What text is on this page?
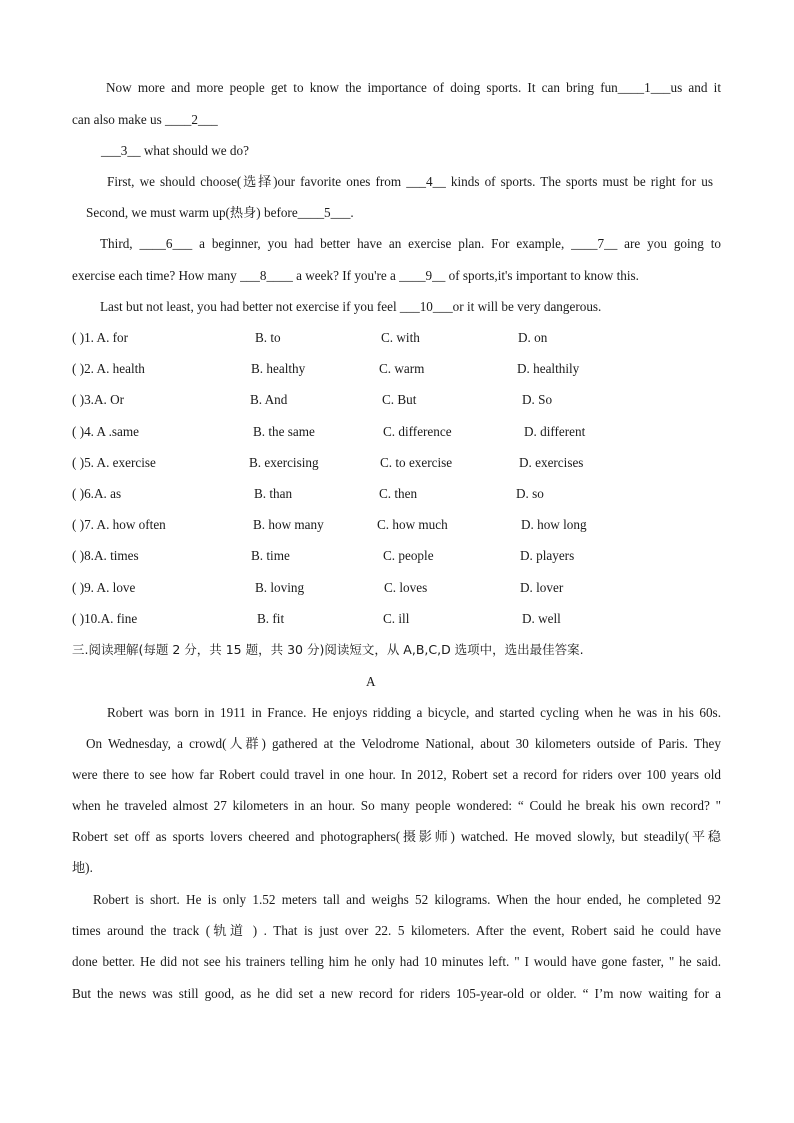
Now more and more people get to know the importance of doing sports. It can bring fun____1___us and it
can also make us ____2___
___3__ what should we do?
First, we should choose(选择)our favorite ones from ___4__ kinds of sports. The sports must be right for us
Second, we must warm up(热身) before____5___.
Third, ____6___ a beginner, you had better have an exercise plan. For example, ____7__ are you going to
exercise each time? How many ___8____ a week? If you're a ____9__ of sports,it's important to know this.
Last but not least, you had better not exercise if you feel ___10___or it will be very dangerous.
( )1. A. for	B. to	C. with	D. on
( )2. A. health	B. healthy	C. warm	D. healthily
( )3.A. Or	B. And	C. But	D. So
( )4. A .same	B. the same	C. difference	D. different
( )5. A. exercise	B. exercising	C. to exercise	D. exercises
( )6.A. as	B. than	C. then	D. so
( )7. A. how often	B. how many	C. how much	D. how long
( )8.A. times	B. time	C. people	D. players
( )9. A. love	B. loving	C. loves	D. lover
( )10.A. fine	B. fit	C. ill	D. well
三.阅读理解(每题 2 分，共 15 题，共 30 分)阅读短文，从 A,B,C,D 选项中，选出最佳答案.
A
Robert was born in 1911 in France. He enjoys ridding a bicycle, and started cycling when he was in his 60s.
On Wednesday, a crowd(人群) gathered at the Velodrome National, about 30 kilometers outside of Paris. They
were there to see how far Robert could travel in one hour. In 2012, Robert set a record for riders over 100 years old
when he traveled almost 27 kilometers in an hour. So many people wondered: “ Could he break his own record? "
Robert set off as sports lovers cheered and photographers(摄影师) watched. He moved slowly, but steadily(平稳
地).
Robert is short. He is only 1.52 meters tall and weighs 52 kilograms. When the hour ended, he completed 92
times around the track (轨道 ) . That is just over 22. 5 kilometers. After the event, Robert said he could have
done better. He did not see his trainers telling him he only had 10 minutes left. " I would have gone faster, " he said.
But the news was still good, as he did set a new record for riders 105-year-old or older. “ I’m now waiting for a
